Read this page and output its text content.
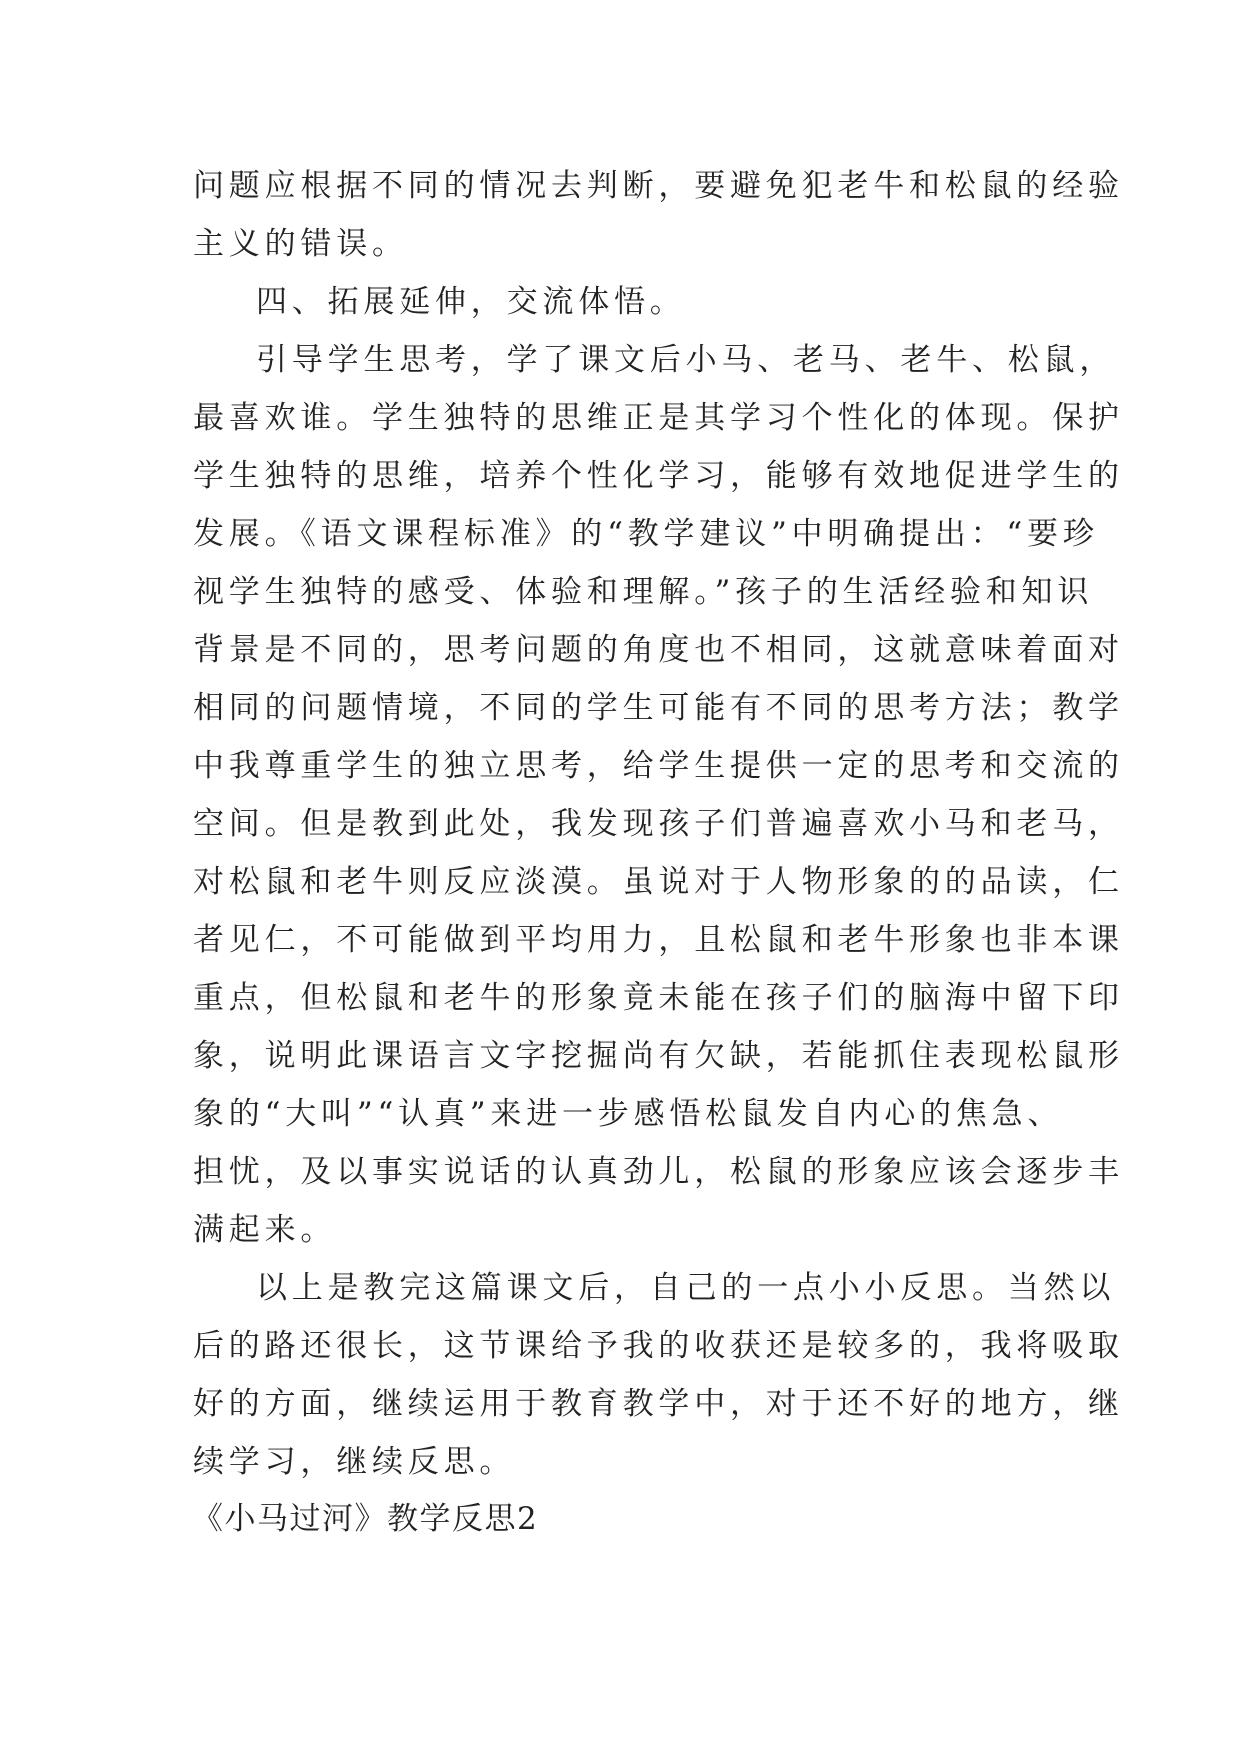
问题应根据不同的情况去判断，要避免犯老牛和松鼠的经验
主义的错误。
四、拓展延伸，交流体悟。
引导学生思考，学了课文后小马、老马、老牛、松鼠，
最喜欢谁。学生独特的思维正是其学习个性化的体现。保护
学生独特的思维，培养个性化学习，能够有效地促进学生的
发展。《语文课程标准》的“教学建议”中明确提出：“要珍
视学生独特的感受、体验和理解。”孩子的生活经验和知识
背景是不同的，思考问题的角度也不相同，这就意味着面对
相同的问题情境，不同的学生可能有不同的思考方法；教学
中我尊重学生的独立思考，给学生提供一定的思考和交流的
空间。但是教到此处，我发现孩子们普遍喜欢小马和老马，
对松鼠和老牛则反应淡漠。虽说对于人物形象的的品读，仁
者见仁，不可能做到平均用力，且松鼠和老牛形象也非本课
重点，但松鼠和老牛的形象竟未能在孩子们的脑海中留下印
象，说明此课语言文字挖掘尚有欠缺，若能抓住表现松鼠形
象的“大叫”“认真”来进一步感悟松鼠发自内心的焦急、
担忧，及以事实说话的认真劲儿，松鼠的形象应该会逐步丰
满起来。
以上是教完这篇课文后，自己的一点小小反思。当然以
后的路还很长，这节课给予我的收获还是较多的，我将吸取
好的方面，继续运用于教育教学中，对于还不好的地方，继
续学习，继续反思。
《小马过河》教学反思2
